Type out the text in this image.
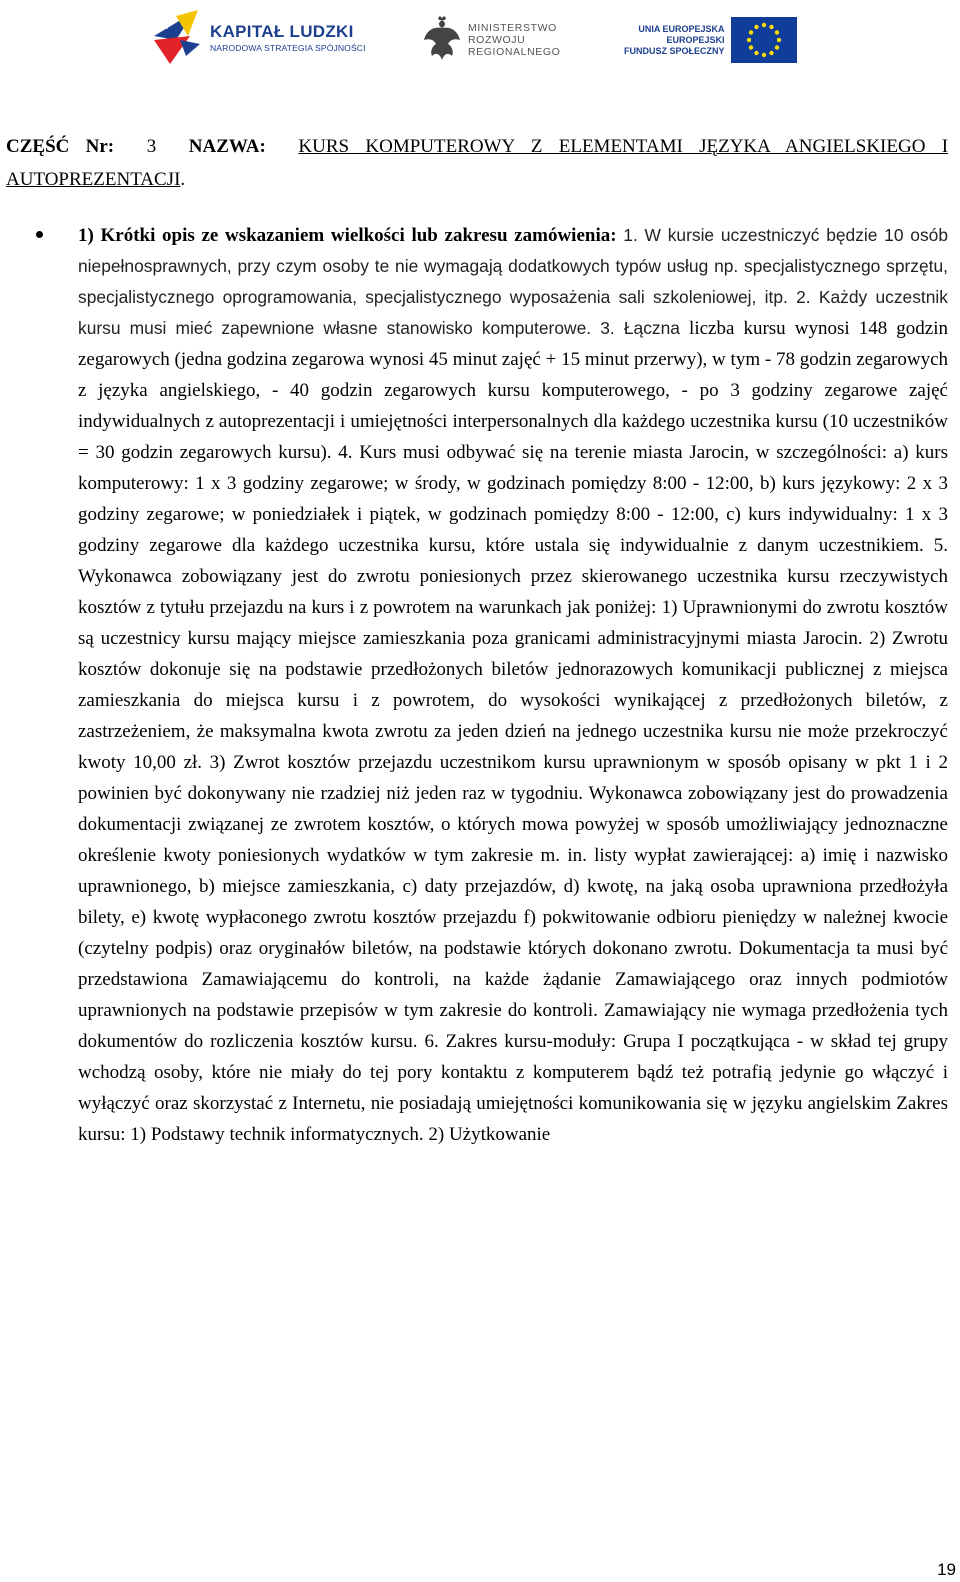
KAPITAŁ LUDZKI
NARODOWA STRATEGIA SPÓJNOŚCI
MINISTERSTWO
ROZWOJU
REGIONALNEGO
UNIA EUROPEJSKA
EUROPEJSKI
FUNDUSZ SPOŁECZNY
CZĘŚĆ Nr: 3 NAZWA: KURS KOMPUTEROWY Z ELEMENTAMI JĘZYKA ANGIELSKIEGO I AUTOPREZENTACJI.

1) Krótki opis ze wskazaniem wielkości lub zakresu zamówienia: 1. W kursie uczestniczyć będzie 10 osób niepełnosprawnych, przy czym osoby te nie wymagają dodatkowych typów usług np. specjalistycznego sprzętu, specjalistycznego oprogramowania, specjalistycznego wyposażenia sali szkoleniowej, itp. 2. Każdy uczestnik kursu musi mieć zapewnione własne stanowisko komputerowe. 3. Łączna liczba kursu wynosi 148 godzin zegarowych (jedna godzina zegarowa wynosi 45 minut zajęć + 15 minut przerwy), w tym - 78 godzin zegarowych z języka angielskiego, - 40 godzin zegarowych kursu komputerowego, - po 3 godziny zegarowe zajęć indywidualnych z autoprezentacji i umiejętności interpersonalnych dla każdego uczestnika kursu (10 uczestników = 30 godzin zegarowych kursu). 4. Kurs musi odbywać się na terenie miasta Jarocin, w szczególności: a) kurs komputerowy: 1 x 3 godziny zegarowe; w środy, w godzinach pomiędzy 8:00 - 12:00, b) kurs językowy: 2 x 3 godziny zegarowe; w poniedziałek i piątek, w godzinach pomiędzy 8:00 - 12:00, c) kurs indywidualny: 1 x 3 godziny zegarowe dla każdego uczestnika kursu, które ustala się indywidualnie z danym uczestnikiem. 5. Wykonawca zobowiązany jest do zwrotu poniesionych przez skierowanego uczestnika kursu rzeczywistych kosztów z tytułu przejazdu na kurs i z powrotem na warunkach jak poniżej: 1) Uprawnionymi do zwrotu kosztów są uczestnicy kursu mający miejsce zamieszkania poza granicami administracyjnymi miasta Jarocin. 2) Zwrotu kosztów dokonuje się na podstawie przedłożonych biletów jednorazowych komunikacji publicznej z miejsca zamieszkania do miejsca kursu i z powrotem, do wysokości wynikającej z przedłożonych biletów, z zastrzeżeniem, że maksymalna kwota zwrotu za jeden dzień na jednego uczestnika kursu nie może przekroczyć kwoty 10,00 zł. 3) Zwrot kosztów przejazdu uczestnikom kursu uprawnionym w sposób opisany w pkt 1 i 2 powinien być dokonywany nie rzadziej niż jeden raz w tygodniu. Wykonawca zobowiązany jest do prowadzenia dokumentacji związanej ze zwrotem kosztów, o których mowa powyżej w sposób umożliwiający jednoznaczne określenie kwoty poniesionych wydatków w tym zakresie m. in. listy wypłat zawierającej: a) imię i nazwisko uprawnionego, b) miejsce zamieszkania, c) daty przejazdów, d) kwotę, na jaką osoba uprawniona przedłożyła bilety, e) kwotę wypłaconego zwrotu kosztów przejazdu f) pokwitowanie odbioru pieniędzy w należnej kwocie (czytelny podpis) oraz oryginałów biletów, na podstawie których dokonano zwrotu. Dokumentacja ta musi być przedstawiona Zamawiającemu do kontroli, na każde żądanie Zamawiającego oraz innych podmiotów uprawnionych na podstawie przepisów w tym zakresie do kontroli. Zamawiający nie wymaga przedłożenia tych dokumentów do rozliczenia kosztów kursu. 6. Zakres kursu-moduły: Grupa I początkująca - w skład tej grupy wchodzą osoby, które nie miały do tej pory kontaktu z komputerem bądź też potrafią jedynie go włączyć i wyłączyć oraz skorzystać z Internetu, nie posiadają umiejętności komunikowania się w języku angielskim Zakres kursu: 1) Podstawy technik informatycznych. 2) Użytkowanie

19
